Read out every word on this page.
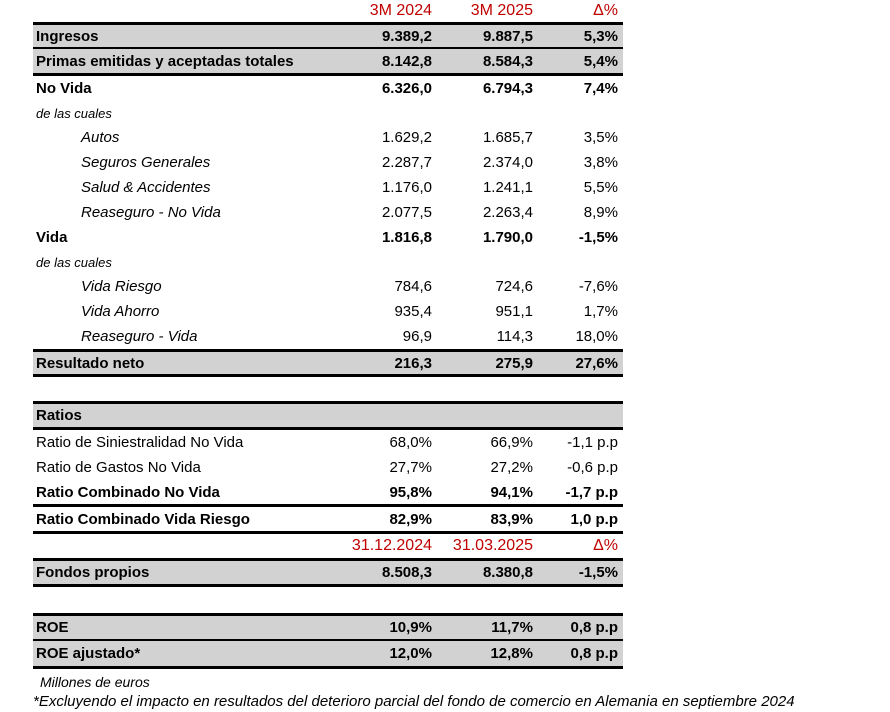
3M 2024	3M 2025	Δ%
Ingresos	9.389,2	9.887,5	5,3%
Primas emitidas y aceptadas totales	8.142,8	8.584,3	5,4%
No Vida	6.326,0	6.794,3	7,4%
de las cuales
Autos	1.629,2	1.685,7	3,5%
Seguros Generales	2.287,7	2.374,0	3,8%
Salud & Accidentes	1.176,0	1.241,1	5,5%
Reaseguro - No Vida	2.077,5	2.263,4	8,9%
Vida	1.816,8	1.790,0	-1,5%
de las cuales
Vida Riesgo	784,6	724,6	-7,6%
Vida Ahorro	935,4	951,1	1,7%
Reaseguro - Vida	96,9	114,3	18,0%
Resultado neto	216,3	275,9	27,6%
Ratios
Ratio de Siniestralidad No Vida	68,0%	66,9%	-1,1 p.p
Ratio de Gastos No Vida	27,7%	27,2%	-0,6 p.p
Ratio Combinado No Vida	95,8%	94,1%	-1,7 p.p
Ratio Combinado Vida Riesgo	82,9%	83,9%	1,0 p.p
31.12.2024	31.03.2025	Δ%
Fondos propios	8.508,3	8.380,8	-1,5%
ROE	10,9%	11,7%	0,8 p.p
ROE ajustado*	12,0%	12,8%	0,8 p.p
Millones de euros
*Excluyendo el impacto en resultados del deterioro parcial del fondo de comercio en Alemania en septiembre 2024
